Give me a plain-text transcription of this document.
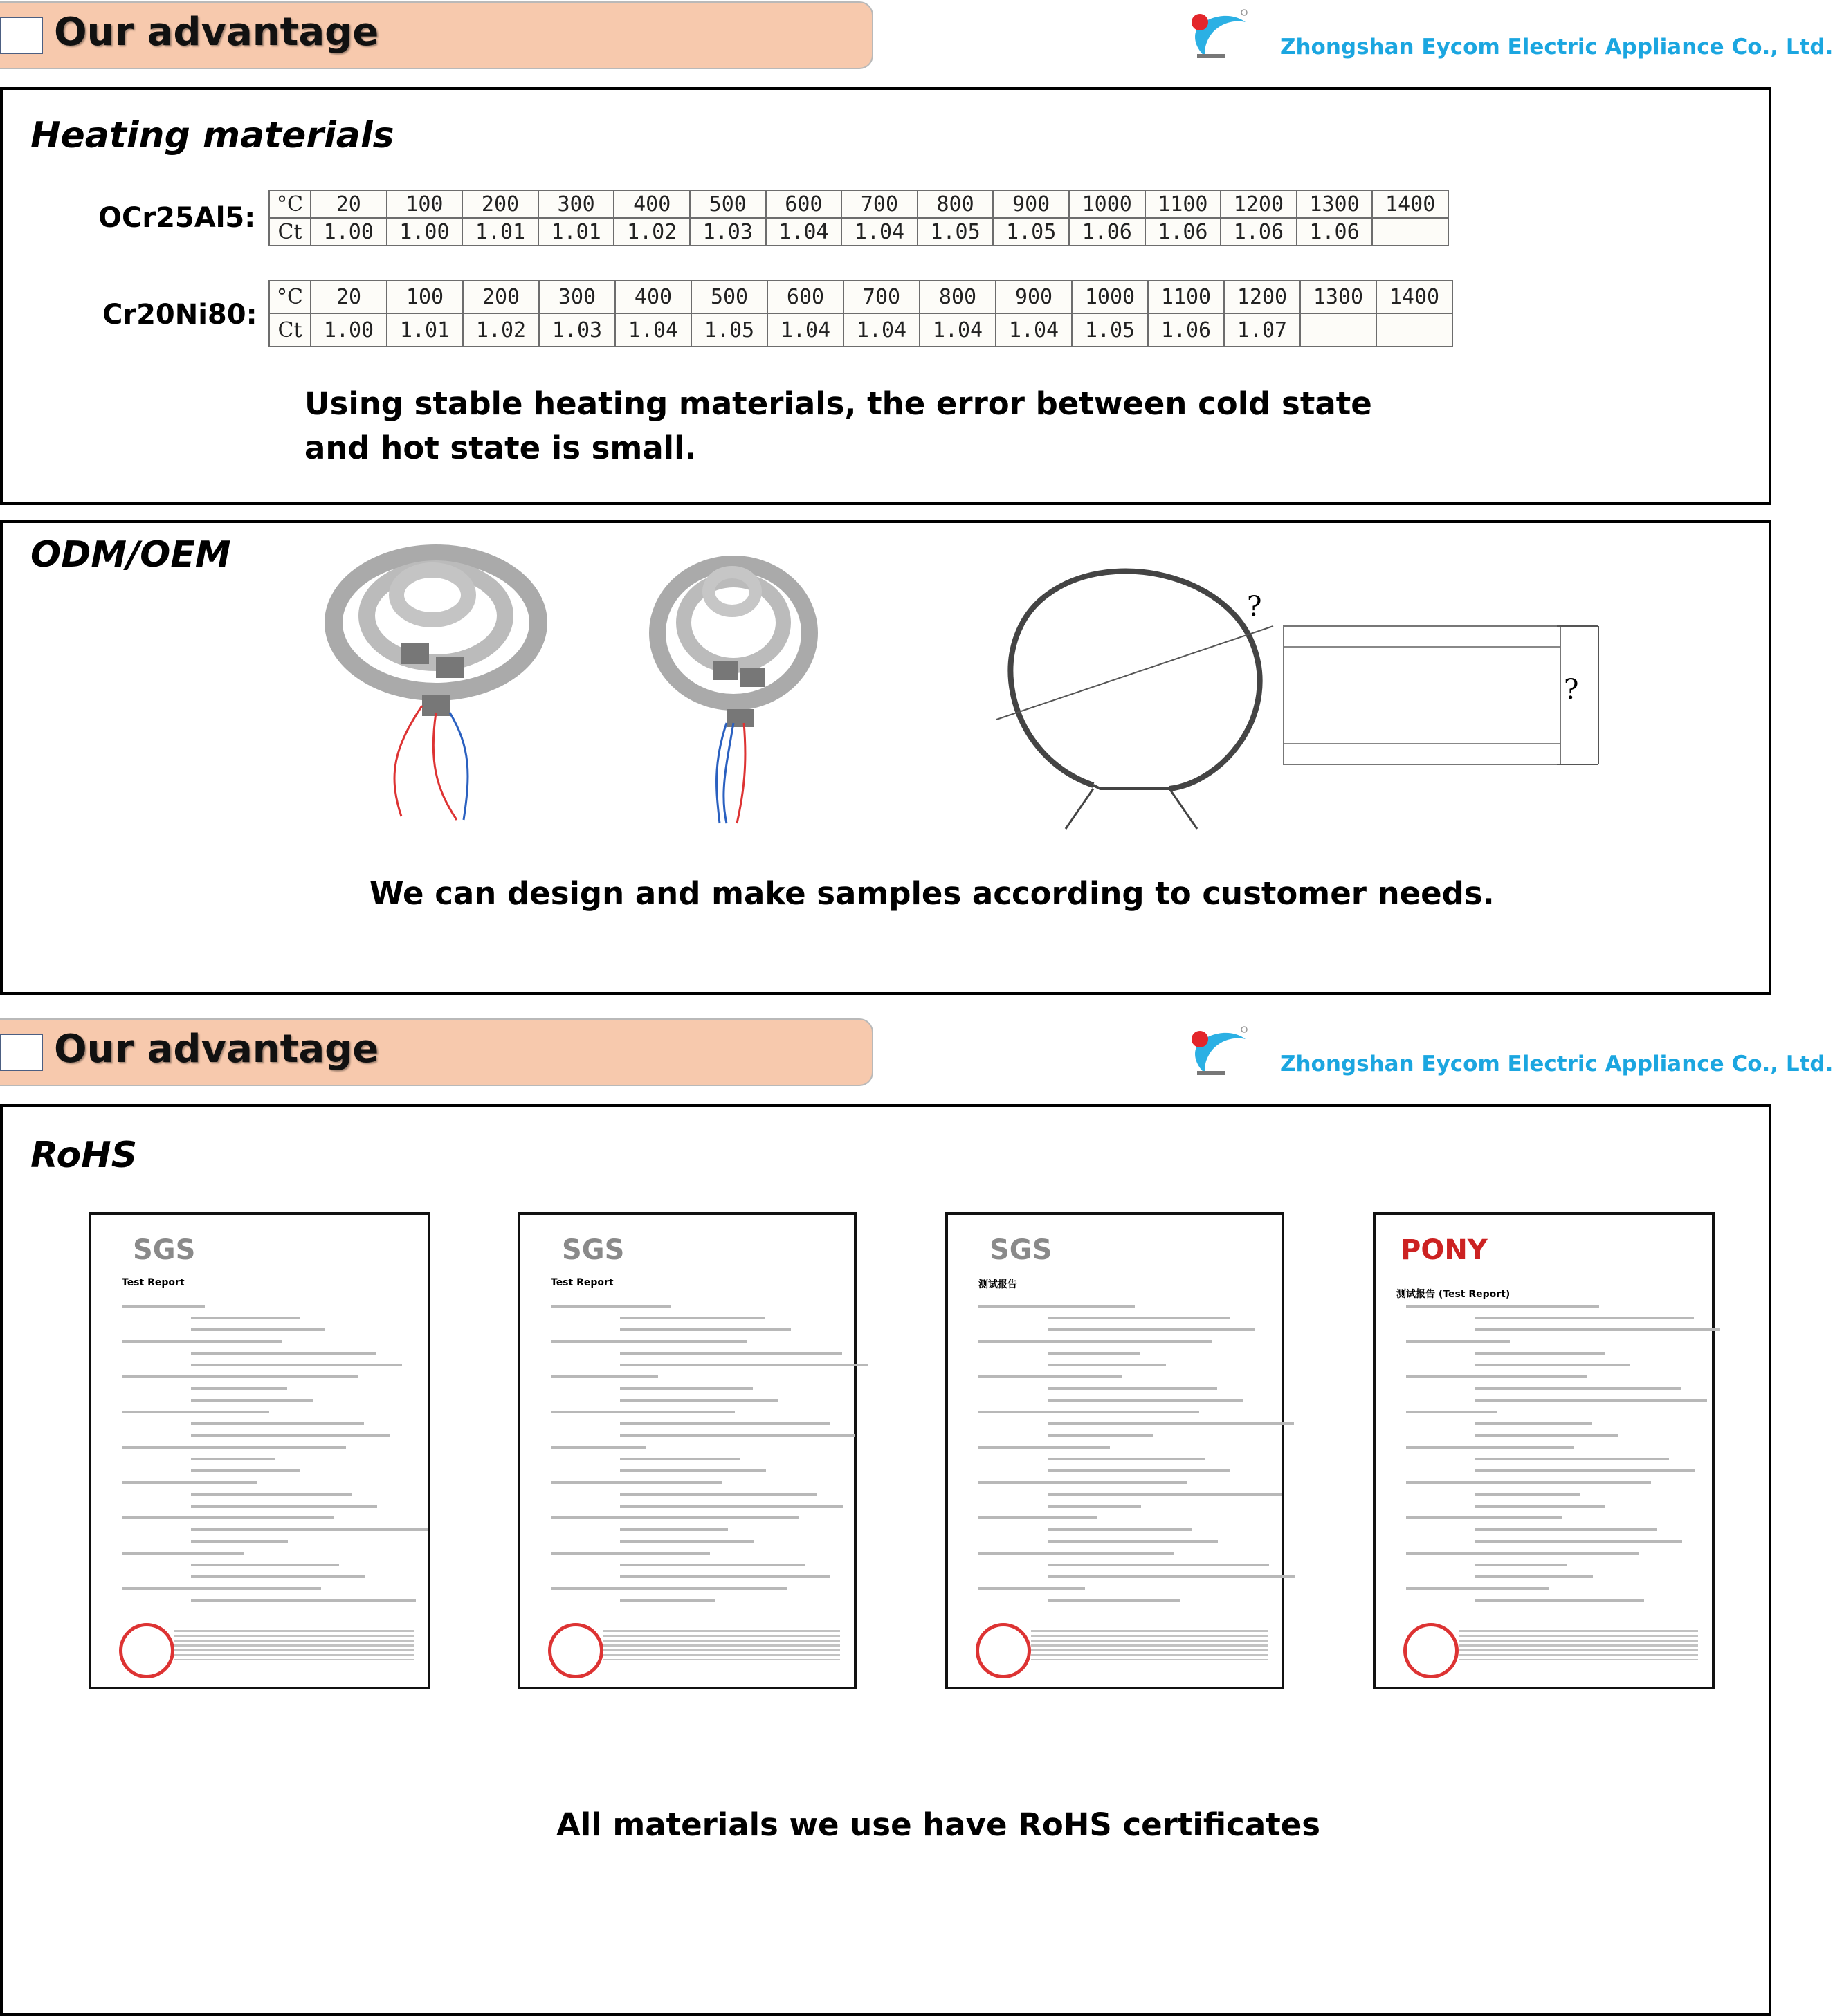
Our advantage	Zhongshan Eycom Electric Appliance Co., Ltd.
Heating materials
OCr25Al5: °C	20	100	200	300	400	500	600	700	800	900	1000	1100	1200	1300	1400
Ct	1.00	1.00	1.01	1.01	1.02	1.03	1.04	1.04	1.05	1.05	1.06	1.06	1.06	1.06	
Cr20Ni80:
°C	20	100	200	300	400	500	600	700	800	900	1000	1100	1200	1300	1400
Ct	1.00	1.01	1.02	1.03	1.04	1.05	1.04	1.04	1.04	1.04	1.05	1.06	1.07		
Using stable heating materials, the error between cold state and hot state is small.
ODM/OEM
?
?
We can design and make samples according to customer needs.
Our advantage	Zhongshan Eycom Electric Appliance Co., Ltd.
RoHS
SGS
Test Report
SGS
Test Report
SGS
测试报告
PONY
测试报告 (Test Report)
All materials we use have RoHS certificates
